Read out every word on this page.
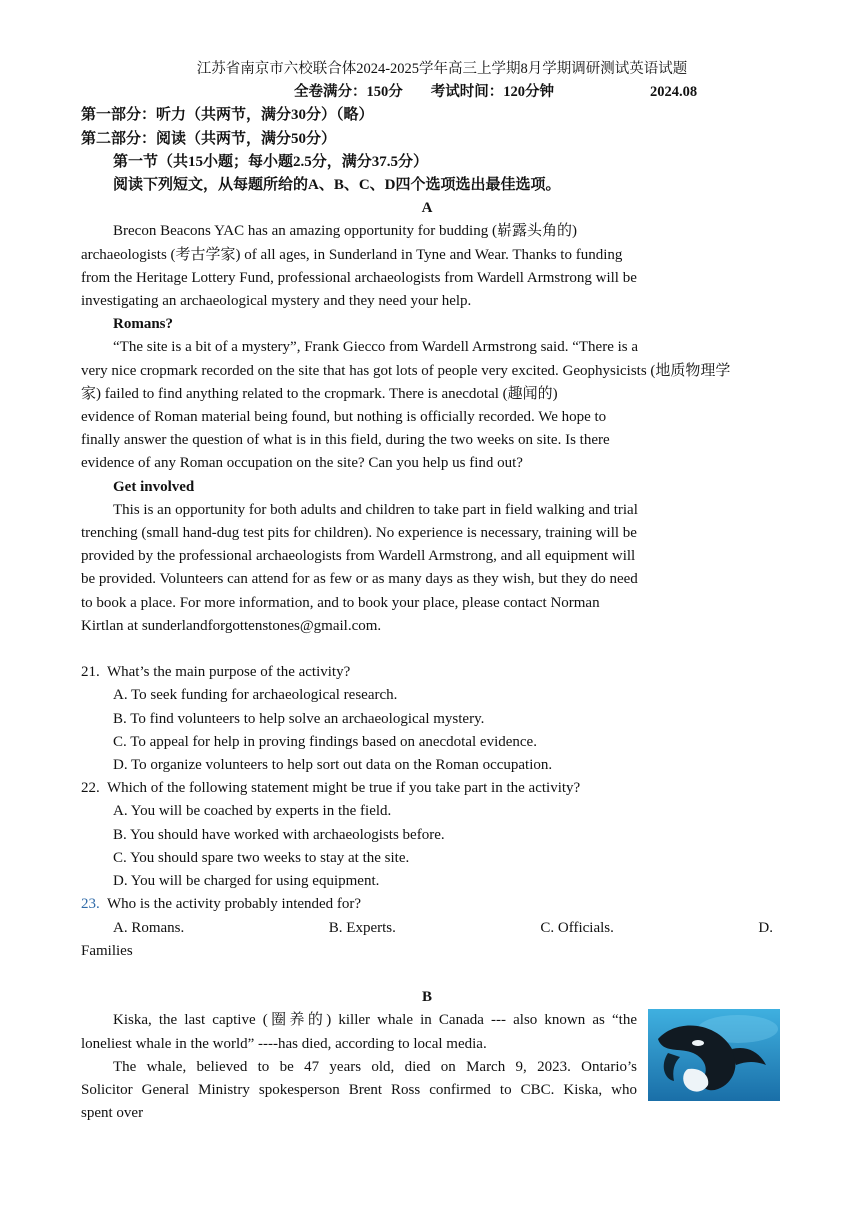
江苏省南京市六校联合体2024-2025学年高三上学期8月学期调研测试英语试题
全卷满分：150分 考试时间：120分钟	2024.08
第一部分：听力（共两节，满分30分）（略）
第二部分：阅读（共两节，满分50分）
第一节（共15小题；每小题2.5分，满分37.5分）
阅读下列短文，从每题所给的A、B、C、D四个选项选出最佳选项。
A
Brecon Beacons YAC has an amazing opportunity for budding (崭露头角的)
archaeologists (考古学家) of all ages, in Sunderland in Tyne and Wear. Thanks to funding
from the Heritage Lottery Fund, professional archaeologists from Wardell Armstrong will be
investigating an archaeological mystery and they need your help.
Romans?
“The site is a bit of a mystery”, Frank Giecco from Wardell Armstrong said. “There is a
very nice cropmark recorded on the site that has got lots of people very excited. Geophysicists (地质物理学
家) failed to find anything related to the cropmark. There is anecdotal (趣闻的)
evidence of Roman material being found, but nothing is officially recorded. We hope to
finally answer the question of what is in this field, during the two weeks on site. Is there
evidence of any Roman occupation on the site? Can you help us find out?
Get involved
This is an opportunity for both adults and children to take part in field walking and trial
trenching (small hand-dug test pits for children). No experience is necessary, training will be
provided by the professional archaeologists from Wardell Armstrong, and all equipment will
be provided. Volunteers can attend for as few or as many days as they wish, but they do need
to book a place. For more information, and to book your place, please contact Norman
Kirtlan at sunderlandforgottenstones@gmail.com.
21. What’s the main purpose of the activity?
A. To seek funding for archaeological research.
B. To find volunteers to help solve an archaeological mystery.
C. To appeal for help in proving findings based on anecdotal evidence.
D. To organize volunteers to help sort out data on the Roman occupation.
22. Which of the following statement might be true if you take part in the activity?
A. You will be coached by experts in the field.
B. You should have worked with archaeologists before.
C. You should spare two weeks to stay at the site.
D. You will be charged for using equipment.
23. Who is the activity probably intended for?
A. Romans.	B. Experts.	C. Officials.	D.
Families
B
Kiska, the last captive (圈养的) killer whale in Canada --- also known as “the
loneliest whale in the world” ----has died, according to local media.
The whale, believed to be 47 years old, died on March 9, 2023. Ontario’s
Solicitor General Ministry spokesperson Brent Ross confirmed to CBC. Kiska, who
spent over
